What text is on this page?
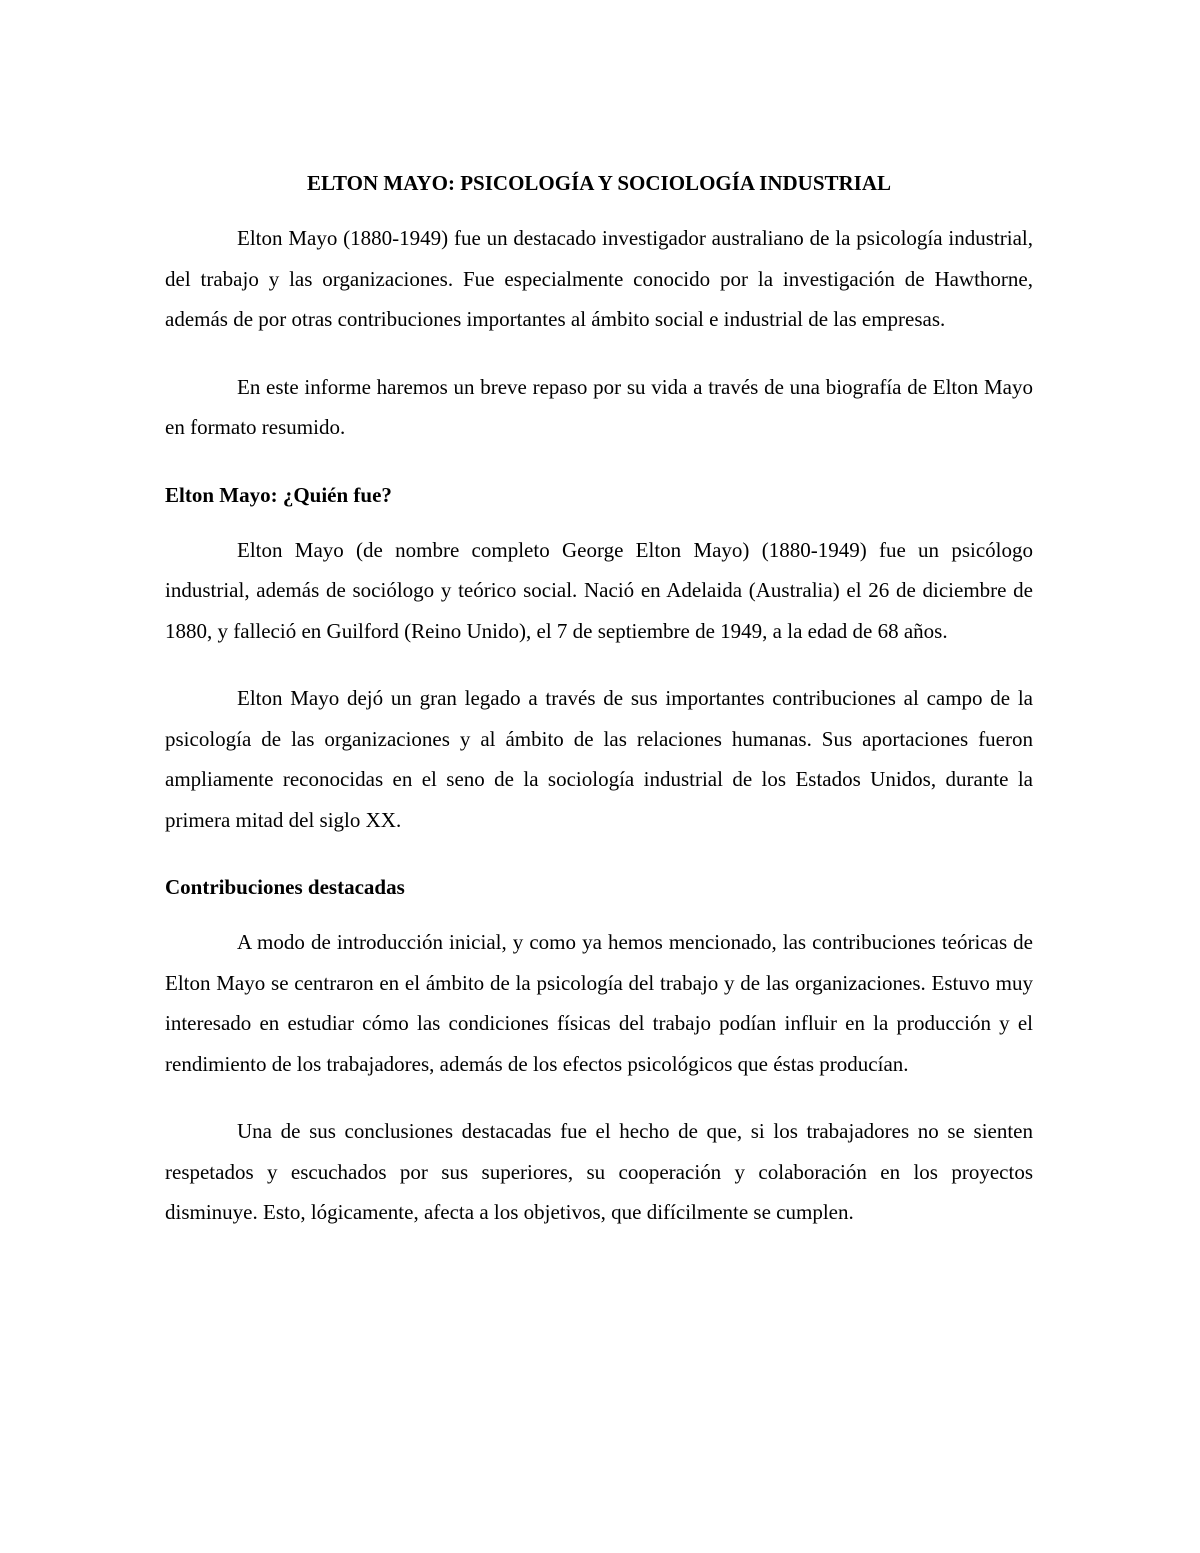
ELTON MAYO: PSICOLOGÍA Y SOCIOLOGÍA INDUSTRIAL

Elton Mayo (1880-1949) fue un destacado investigador australiano de la psicología industrial, del trabajo y las organizaciones. Fue especialmente conocido por la investigación de Hawthorne, además de por otras contribuciones importantes al ámbito social e industrial de las empresas.

En este informe haremos un breve repaso por su vida a través de una biografía de Elton Mayo en formato resumido.

Elton Mayo: ¿Quién fue?

Elton Mayo (de nombre completo George Elton Mayo) (1880-1949) fue un psicólogo industrial, además de sociólogo y teórico social. Nació en Adelaida (Australia) el 26 de diciembre de 1880, y falleció en Guilford (Reino Unido), el 7 de septiembre de 1949, a la edad de 68 años.

Elton Mayo dejó un gran legado a través de sus importantes contribuciones al campo de la psicología de las organizaciones y al ámbito de las relaciones humanas. Sus aportaciones fueron ampliamente reconocidas en el seno de la sociología industrial de los Estados Unidos, durante la primera mitad del siglo XX.

Contribuciones destacadas

A modo de introducción inicial, y como ya hemos mencionado, las contribuciones teóricas de Elton Mayo se centraron en el ámbito de la psicología del trabajo y de las organizaciones. Estuvo muy interesado en estudiar cómo las condiciones físicas del trabajo podían influir en la producción y el rendimiento de los trabajadores, además de los efectos psicológicos que éstas producían.

Una de sus conclusiones destacadas fue el hecho de que, si los trabajadores no se sienten respetados y escuchados por sus superiores, su cooperación y colaboración en los proyectos disminuye. Esto, lógicamente, afecta a los objetivos, que difícilmente se cumplen.
